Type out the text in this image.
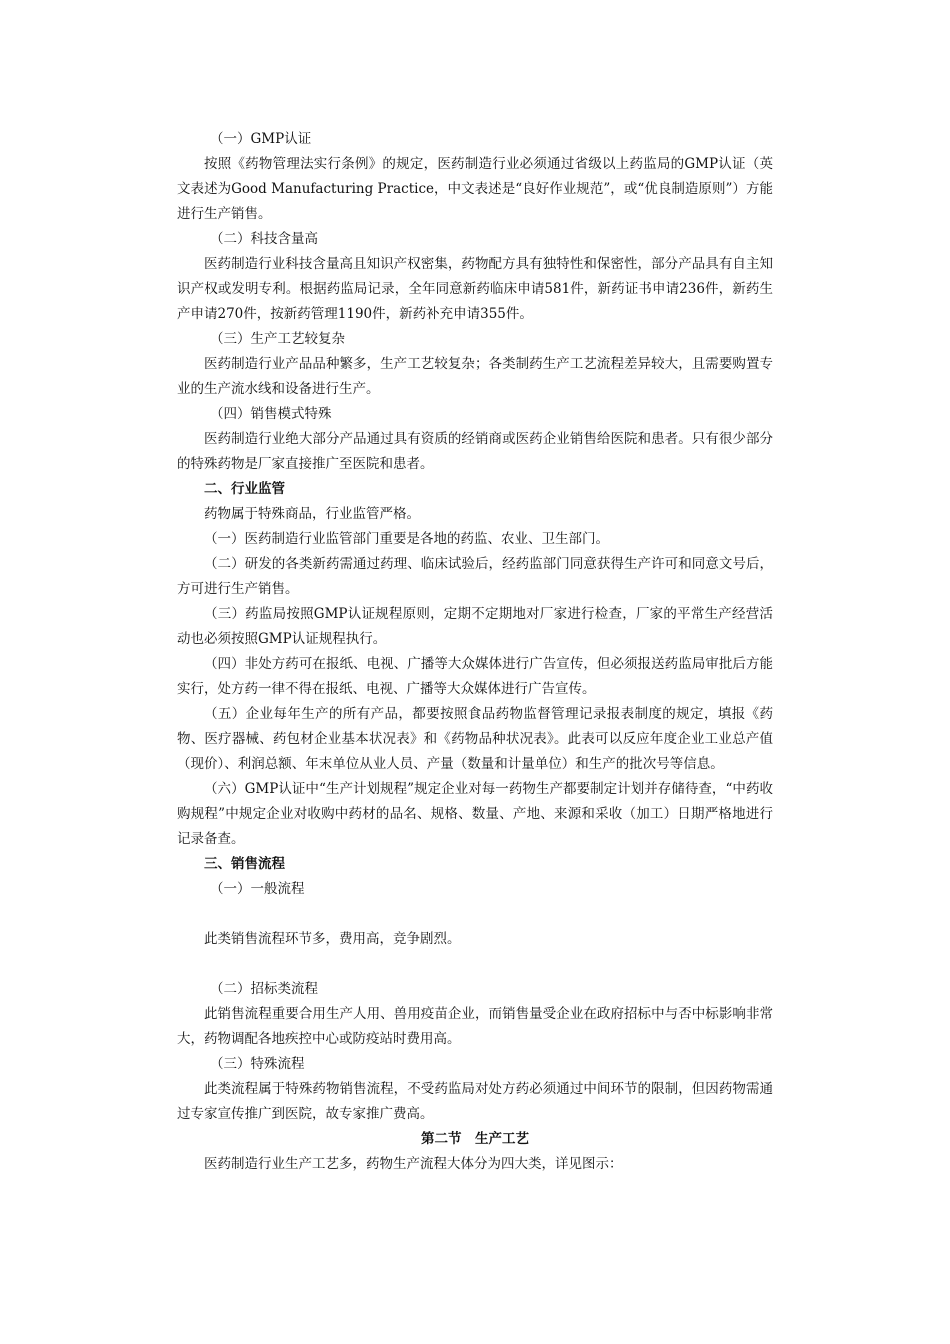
（一）GMP认证

按照《药物管理法实行条例》的规定，医药制造行业必须通过省级以上药监局的GMP认证（英文表述为Good Manufacturing Practice，中文表述是“良好作业规范”，或“优良制造原则”）方能进行生产销售。

（二）科技含量高

医药制造行业科技含量高且知识产权密集，药物配方具有独特性和保密性，部分产品具有自主知识产权或发明专利。根据药监局记录，全年同意新药临床申请581件，新药证书申请236件，新药生产申请270件，按新药管理1190件，新药补充申请355件。

（三）生产工艺较复杂

医药制造行业产品品种繁多，生产工艺较复杂；各类制药生产工艺流程差异较大，且需要购置专业的生产流水线和设备进行生产。

（四）销售模式特殊

医药制造行业绝大部分产品通过具有资质的经销商或医药企业销售给医院和患者。只有很少部分的特殊药物是厂家直接推广至医院和患者。

二、行业监管

药物属于特殊商品，行业监管严格。

（一）医药制造行业监管部门重要是各地的药监、农业、卫生部门。

（二）研发的各类新药需通过药理、临床试验后，经药监部门同意获得生产许可和同意文号后，方可进行生产销售。

（三）药监局按照GMP认证规程原则，定期不定期地对厂家进行检查，厂家的平常生产经营活动也必须按照GMP认证规程执行。

（四）非处方药可在报纸、电视、广播等大众媒体进行广告宣传，但必须报送药监局审批后方能实行，处方药一律不得在报纸、电视、广播等大众媒体进行广告宣传。

（五）企业每年生产的所有产品，都要按照食品药物监督管理记录报表制度的规定，填报《药物、医疗器械、药包材企业基本状况表》和《药物品种状况表》。此表可以反应年度企业工业总产值（现价）、利润总额、年末单位从业人员、产量（数量和计量单位）和生产的批次号等信息。

（六）GMP认证中“生产计划规程”规定企业对每一药物生产都要制定计划并存储待查，“中药收购规程”中规定企业对收购中药材的品名、规格、数量、产地、来源和采收（加工）日期严格地进行记录备查。

三、销售流程

（一）一般流程

此类销售流程环节多，费用高，竞争剧烈。

（二）招标类流程

此销售流程重要合用生产人用、兽用疫苗企业，而销售量受企业在政府招标中与否中标影响非常大，药物调配各地疾控中心或防疫站时费用高。

（三）特殊流程

此类流程属于特殊药物销售流程，不受药监局对处方药必须通过中间环节的限制，但因药物需通过专家宣传推广到医院，故专家推广费高。

第二节　生产工艺

医药制造行业生产工艺多，药物生产流程大体分为四大类，详见图示：
